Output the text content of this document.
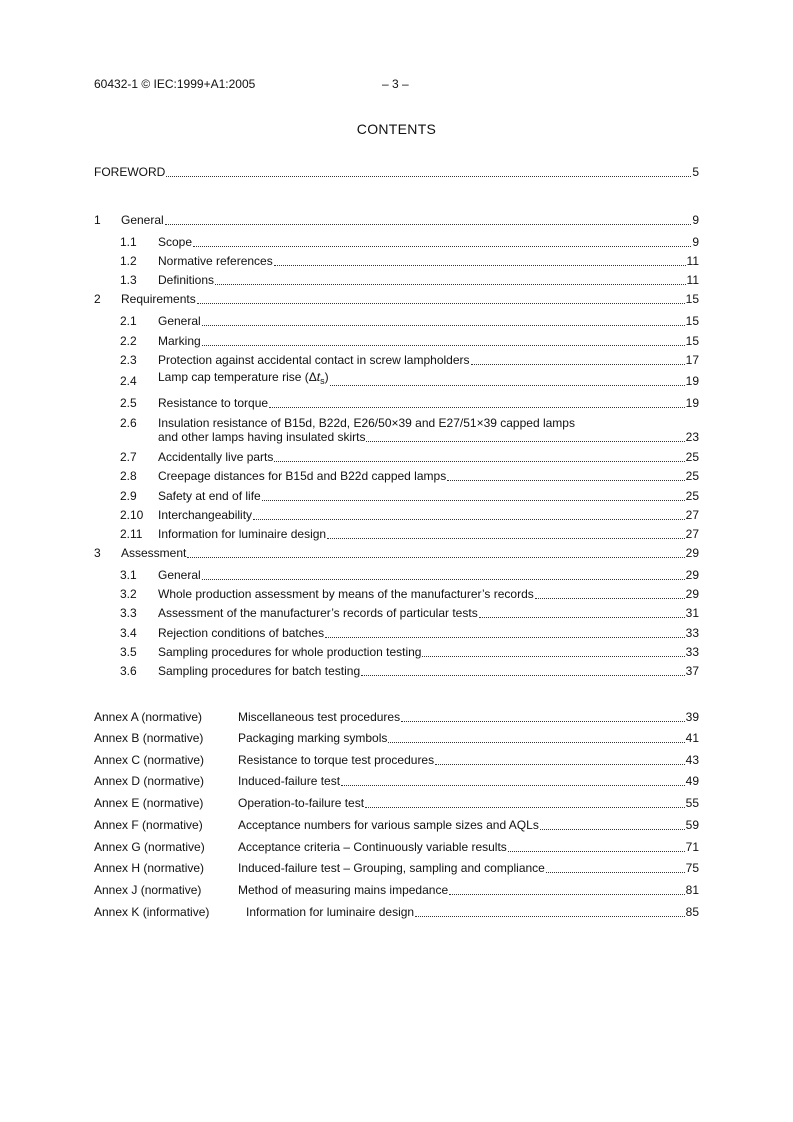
60432-1 © IEC:1999+A1:2005	– 3 –
CONTENTS
FOREWORD	5
1	General	9
1.1	Scope	9
1.2	Normative references	11
1.3	Definitions	11
2	Requirements	15
2.1	General	15
2.2	Marking	15
2.3	Protection against accidental contact in screw lampholders	17
2.4	Lamp cap temperature rise $(\Delta t_s)$	19
2.5	Resistance to torque	19
2.6 Insulation resistance of B15d, B22d, E26/50×39 and E27/51×39 capped lamps
and other lamps having insulated skirts	23
2.7	Accidentally live parts	25
2.8	Creepage distances for B15d and B22d capped lamps	25
2.9	Safety at end of life	25
2.10	Interchangeability	27
2.11	Information for luminaire design	27
3	Assessment	29
3.1	General	29
3.2	Whole production assessment by means of the manufacturer’s records	29
3.3	Assessment of the manufacturer’s records of particular tests	31
3.4	Rejection conditions of batches	33
3.5	Sampling procedures for whole production testing	33
3.6	Sampling procedures for batch testing	37
Annex A (normative)	Miscellaneous test procedures	39
Annex B (normative)	Packaging marking symbols	41
Annex C (normative)	Resistance to torque test procedures	43
Annex D (normative)	Induced-failure test	49
Annex E (normative)	Operation-to-failure test	55
Annex F (normative)	Acceptance numbers for various sample sizes and AQLs	59
Annex G (normative)	Acceptance criteria – Continuously variable results	71
Annex H (normative)	Induced-failure test – Grouping, sampling and compliance	75
Annex J (normative)	Method of measuring mains impedance	81
Annex K (informative)	Information for luminaire design	85
